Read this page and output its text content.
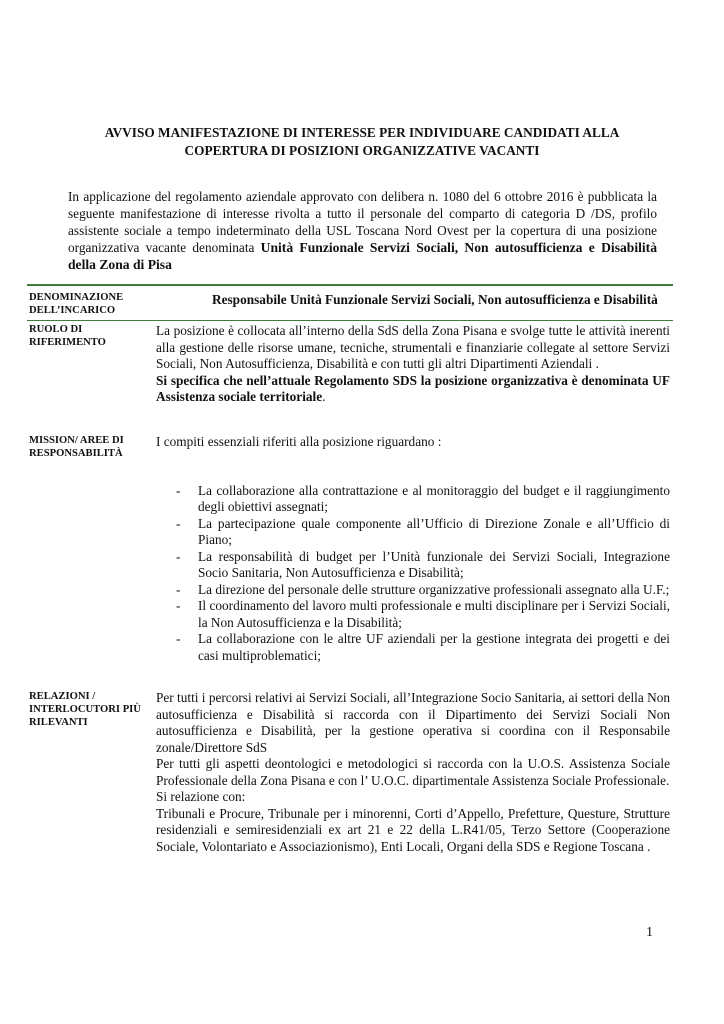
AVVISO MANIFESTAZIONE DI INTERESSE PER INDIVIDUARE CANDIDATI ALLA
COPERTURA DI POSIZIONI ORGANIZZATIVE VACANTI
In applicazione del regolamento aziendale approvato con delibera n. 1080 del 6 ottobre 2016 è pubblicata la seguente manifestazione di interesse rivolta a tutto il personale del comparto di categoria D /DS, profilo assistente sociale a tempo indeterminato della USL Toscana Nord Ovest per la copertura di una posizione organizzativa vacante denominata Unità Funzionale Servizi Sociali, Non autosufficienza e Disabilità della Zona di Pisa
DENOMINAZIONE DELL’INCARICO
Responsabile Unità Funzionale Servizi Sociali, Non autosufficienza e Disabilità
RUOLO DI RIFERIMENTO
La posizione è collocata all’interno della SdS della Zona Pisana e svolge tutte le attività inerenti alla gestione delle risorse umane, tecniche, strumentali e finanziarie collegate al settore Servizi Sociali, Non Autosufficienza, Disabilità e con tutti gli altri Dipartimenti Aziendali .
Si specifica che nell’attuale Regolamento SDS la posizione organizzativa è denominata UF Assistenza sociale territoriale.
MISSION/ AREE DI RESPONSABILITÀ
I compiti essenziali riferiti alla posizione riguardano :
- La collaborazione alla contrattazione e al monitoraggio del budget e il raggiungimento degli obiettivi assegnati;
- La partecipazione quale componente all’Ufficio di Direzione Zonale e all’Ufficio di Piano;
- La responsabilità di budget per l’Unità funzionale dei Servizi Sociali, Integrazione Socio Sanitaria, Non Autosufficienza e Disabilità;
- La direzione del personale delle strutture organizzative professionali assegnato alla U.F.;
- Il coordinamento del lavoro multi professionale e multi disciplinare per i Servizi Sociali, la Non Autosufficienza e la Disabilità;
- La collaborazione con le altre UF aziendali per la gestione integrata dei progetti e dei casi multiproblematici;
RELAZIONI / INTERLOCUTORI PIÙ RILEVANTI
Per tutti i percorsi relativi ai Servizi Sociali, all’Integrazione Socio Sanitaria, ai settori della Non autosufficienza e Disabilità si raccorda con il Dipartimento dei Servizi Sociali Non autosufficienza e Disabilità, per la gestione operativa si coordina con il Responsabile zonale/Direttore SdS
Per tutti gli aspetti deontologici e metodologici si raccorda con la U.O.S. Assistenza Sociale Professionale della Zona Pisana e con l’ U.O.C. dipartimentale Assistenza Sociale Professionale.
Si relazione con:
Tribunali e Procure, Tribunale per i minorenni, Corti d’Appello, Prefetture, Questure, Strutture residenziali e semiresidenziali ex art 21 e 22 della L.R41/05, Terzo Settore (Cooperazione Sociale, Volontariato e Associazionismo), Enti Locali, Organi della SDS e Regione Toscana .
1
